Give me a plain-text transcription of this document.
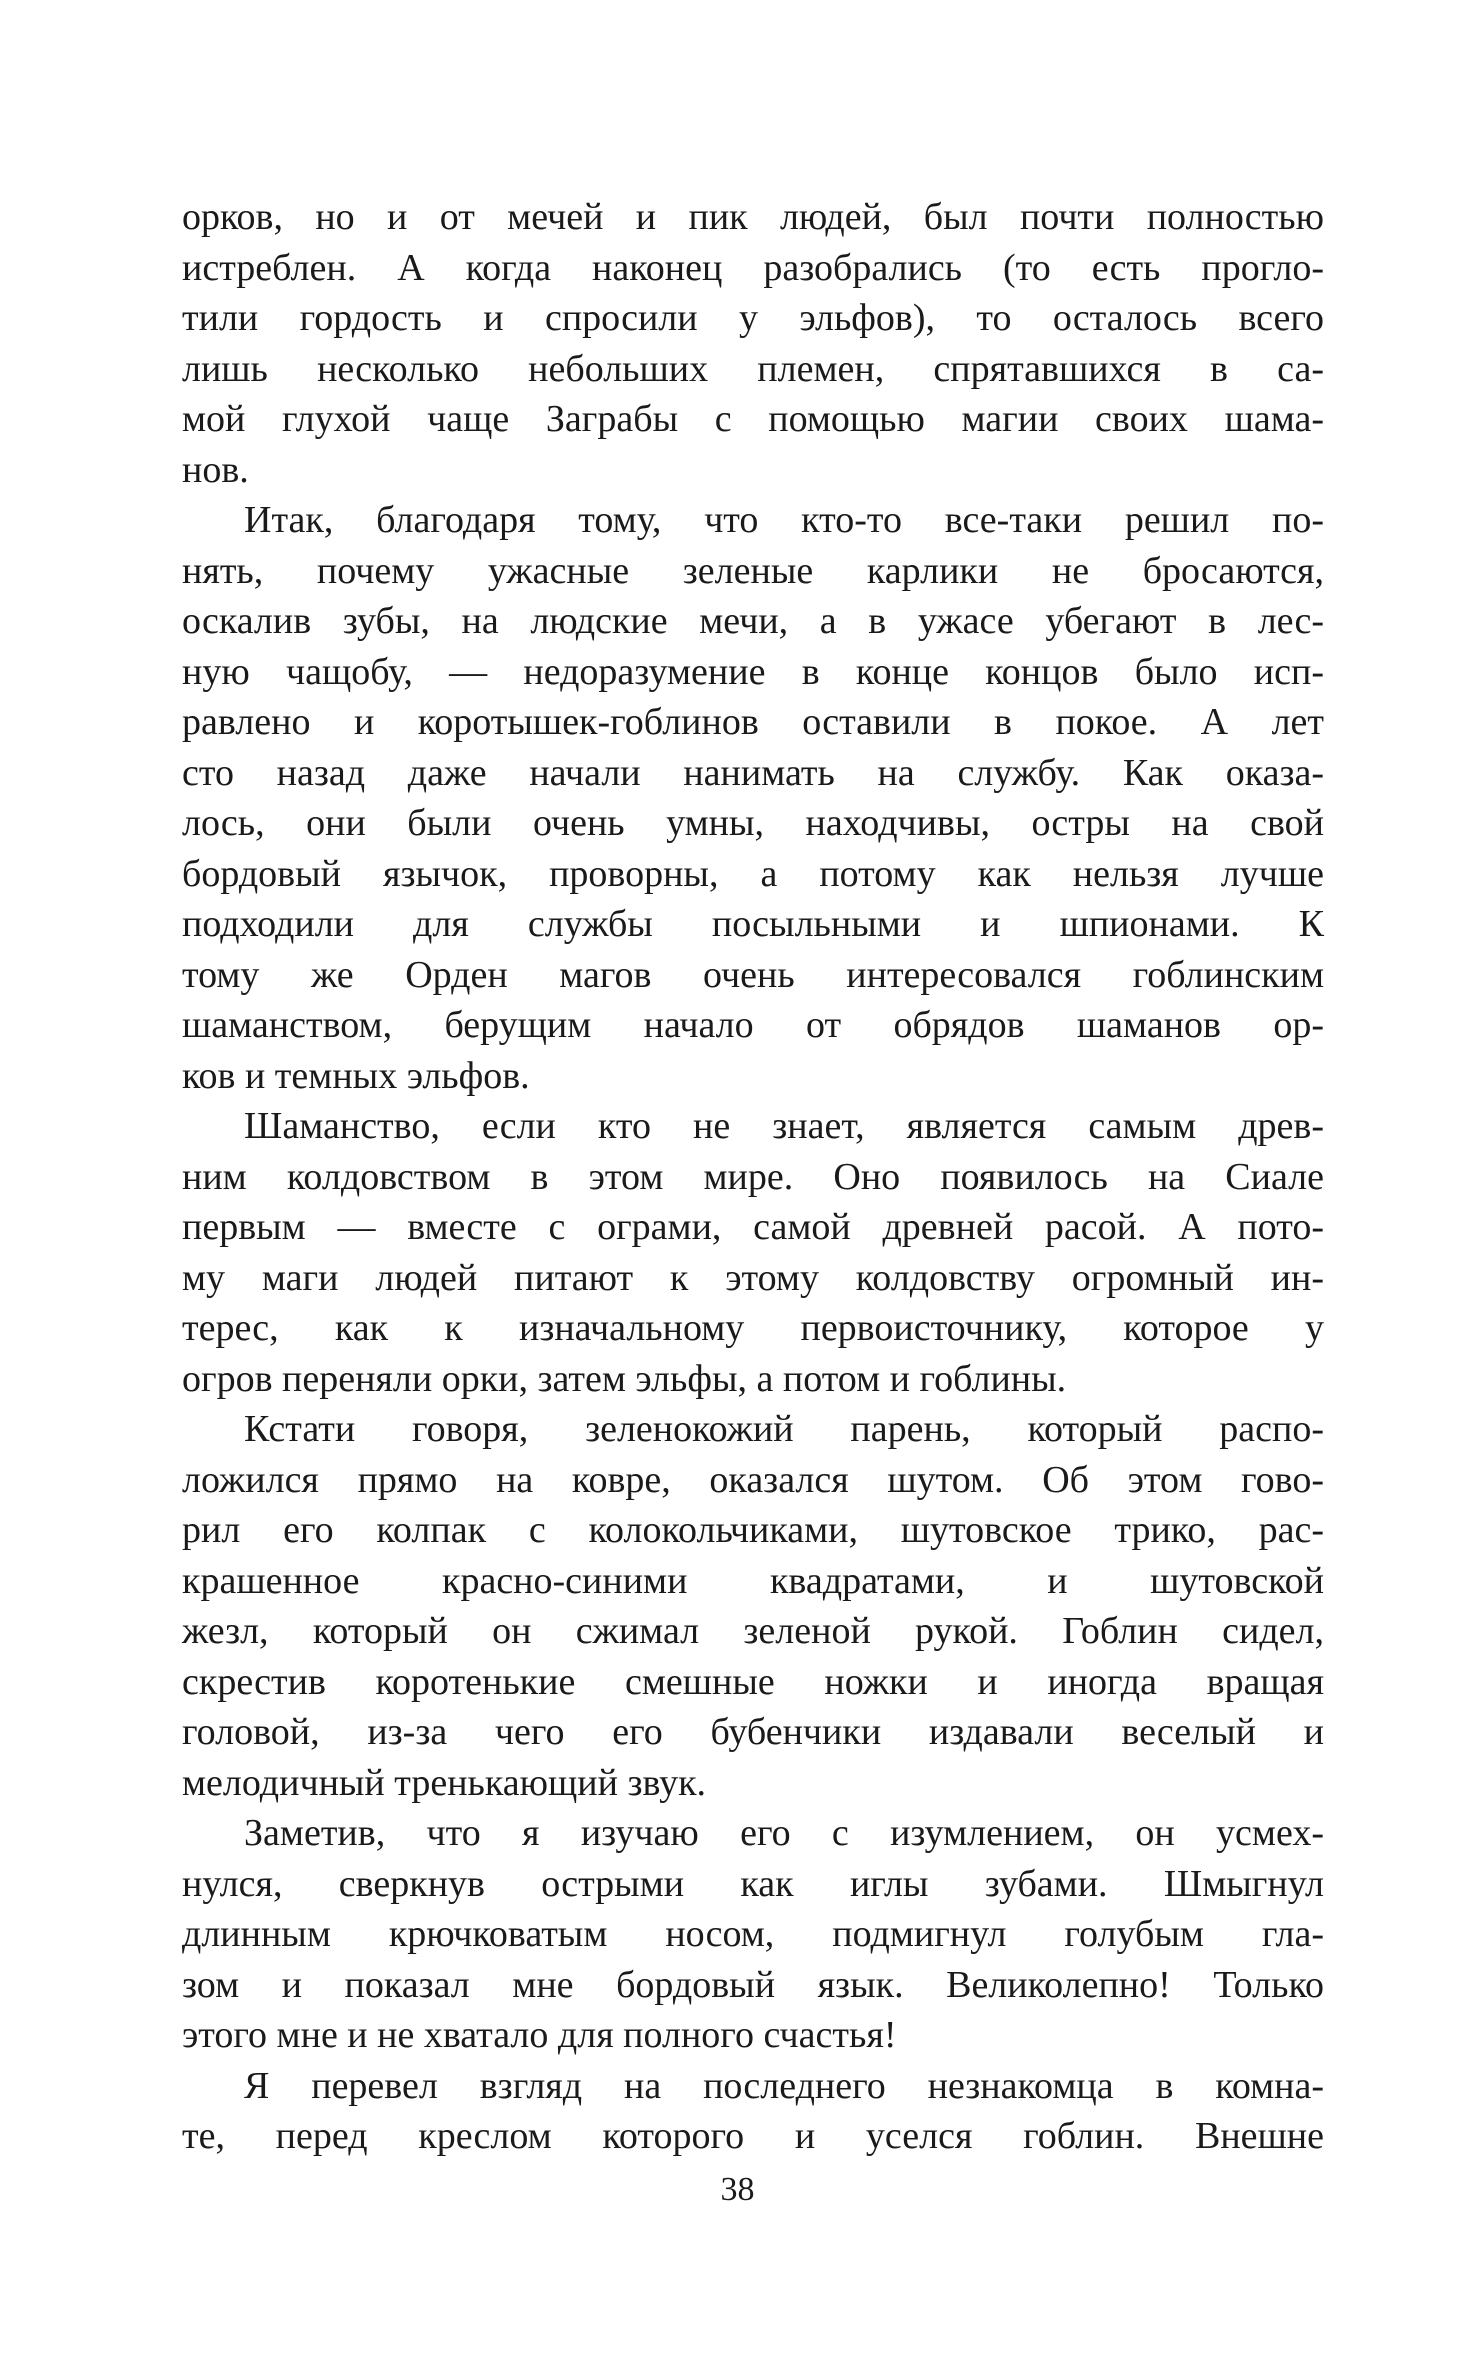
орков, но и от мечей и пик людей, был почти полностью
истреблен. А когда наконец разобрались (то есть прогло-
тили гордость и спросили у эльфов), то осталось всего
лишь несколько небольших племен, спрятавшихся в са-
мой глухой чаще Заграбы с помощью магии своих шама-
нов.
Итак, благодаря тому, что кто-то все-таки решил по-
нять, почему ужасные зеленые карлики не бросаются,
оскалив зубы, на людские мечи, а в ужасе убегают в лес-
ную чащобу, — недоразумение в конце концов было исп-
равлено и коротышек-гоблинов оставили в покое. А лет
сто назад даже начали нанимать на службу. Как оказа-
лось, они были очень умны, находчивы, остры на свой
бордовый язычок, проворны, а потому как нельзя лучше
подходили для службы посыльными и шпионами. К
тому же Орден магов очень интересовался гоблинским
шаманством, берущим начало от обрядов шаманов ор-
ков и темных эльфов.
Шаманство, если кто не знает, является самым древ-
ним колдовством в этом мире. Оно появилось на Сиале
первым — вместе с ограми, самой древней расой. А пото-
му маги людей питают к этому колдовству огромный ин-
терес, как к изначальному первоисточнику, которое у
огров переняли орки, затем эльфы, а потом и гоблины.
Кстати говоря, зеленокожий парень, который распо-
ложился прямо на ковре, оказался шутом. Об этом гово-
рил его колпак с колокольчиками, шутовское трико, рас-
крашенное красно-синими квадратами, и шутовской
жезл, который он сжимал зеленой рукой. Гоблин сидел,
скрестив коротенькие смешные ножки и иногда вращая
головой, из-за чего его бубенчики издавали веселый и
мелодичный тренькающий звук.
Заметив, что я изучаю его с изумлением, он усмех-
нулся, сверкнув острыми как иглы зубами. Шмыгнул
длинным крючковатым носом, подмигнул голубым гла-
зом и показал мне бордовый язык. Великолепно! Только
этого мне и не хватало для полного счастья!
Я перевел взгляд на последнего незнакомца в комна-
те, перед креслом которого и уселся гоблин. Внешне
38
